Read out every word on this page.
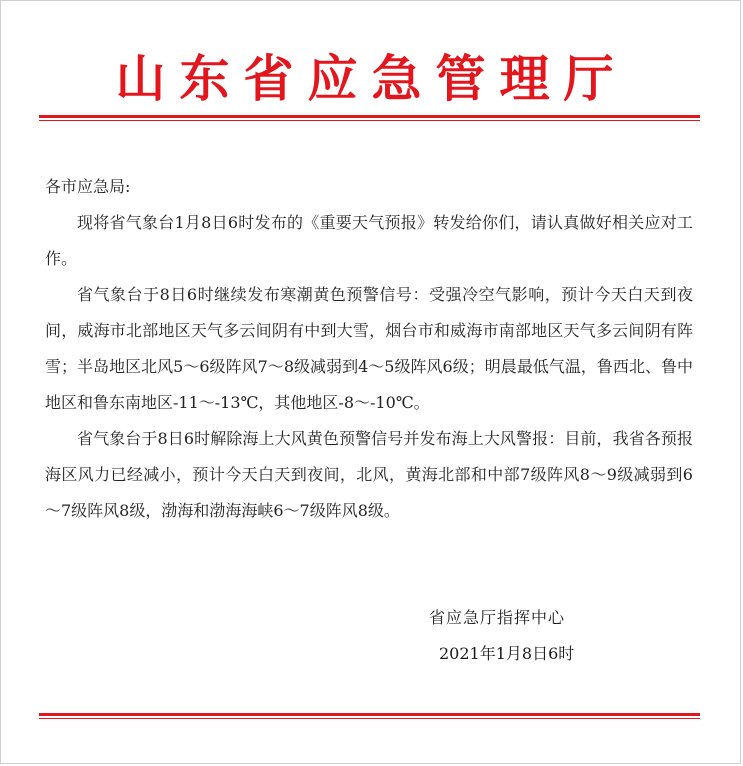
山东省应急管理厅

各市应急局:

现将省气象台1月8日6时发布的《重要天气预报》转发给你们，请认真做好相关应对工作。

省气象台于8日6时继续发布寒潮黄色预警信号：受强冷空气影响，预计今天白天到夜间，威海市北部地区天气多云间阴有中到大雪，烟台市和威海市南部地区天气多云间阴有阵雪；半岛地区北风5～6级阵风7～8级减弱到4～5级阵风6级；明晨最低气温，鲁西北、鲁中地区和鲁东南地区-11～-13℃，其他地区-8～-10℃。

省气象台于8日6时解除海上大风黄色预警信号并发布海上大风警报：目前，我省各预报海区风力已经减小，预计今天白天到夜间，北风，黄海北部和中部7级阵风8～9级减弱到6～7级阵风8级，渤海和渤海海峡6～7级阵风8级。

省应急厅指挥中心
2021年1月8日6时
